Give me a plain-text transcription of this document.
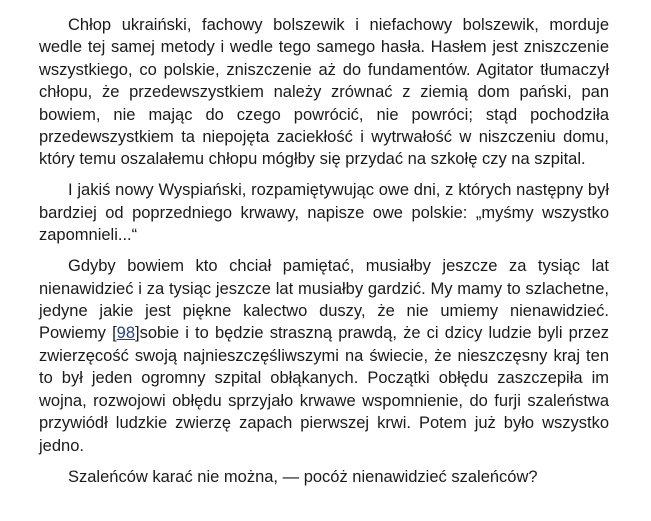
Chłop ukraiński, fachowy bolszewik i niefachowy bolszewik, morduje wedle tej samej metody i wedle tego samego hasła. Hasłem jest zniszczenie wszystkiego, co polskie, zniszczenie aż do fundamentów. Agitator tłumaczył chłopu, że przedewszystkiem należy zrównać z ziemią dom pański, pan bowiem, nie mając do czego powrócić, nie powróci; stąd pochodziła przedewszystkiem ta niepojęta zaciekłość i wytrwałość w niszczeniu domu, który temu oszalałemu chłopu mógłby się przydać na szkołę czy na szpital.

I jakiś nowy Wyspiański, rozpamiętywując owe dni, z których następny był bardziej od poprzedniego krwawy, napisze owe polskie: „myśmy wszystko zapomnieli...“

Gdyby bowiem kto chciał pamiętać, musiałby jeszcze za tysiąc lat nienawidzieć i za tysiąc jeszcze lat musiałby gardzić. My mamy to szlachetne, jedyne jakie jest piękne kalectwo duszy, że nie umiemy nienawidzieć. Powiemy [98]sobie i to będzie straszną prawdą, że ci dzicy ludzie byli przez zwierzęcość swoją najnieszczęśliwszymi na świecie, że nieszczęsny kraj ten to był jeden ogromny szpital obłąkanych. Początki obłędu zaszczepiła im wojna, rozwojowi obłędu sprzyjało krwawe wspomnienie, do furji szaleństwa przywiódł ludzkie zwierzę zapach pierwszej krwi. Potem już było wszystko jedno.

Szaleńców karać nie można, — pocóż nienawidzieć szaleńców?
